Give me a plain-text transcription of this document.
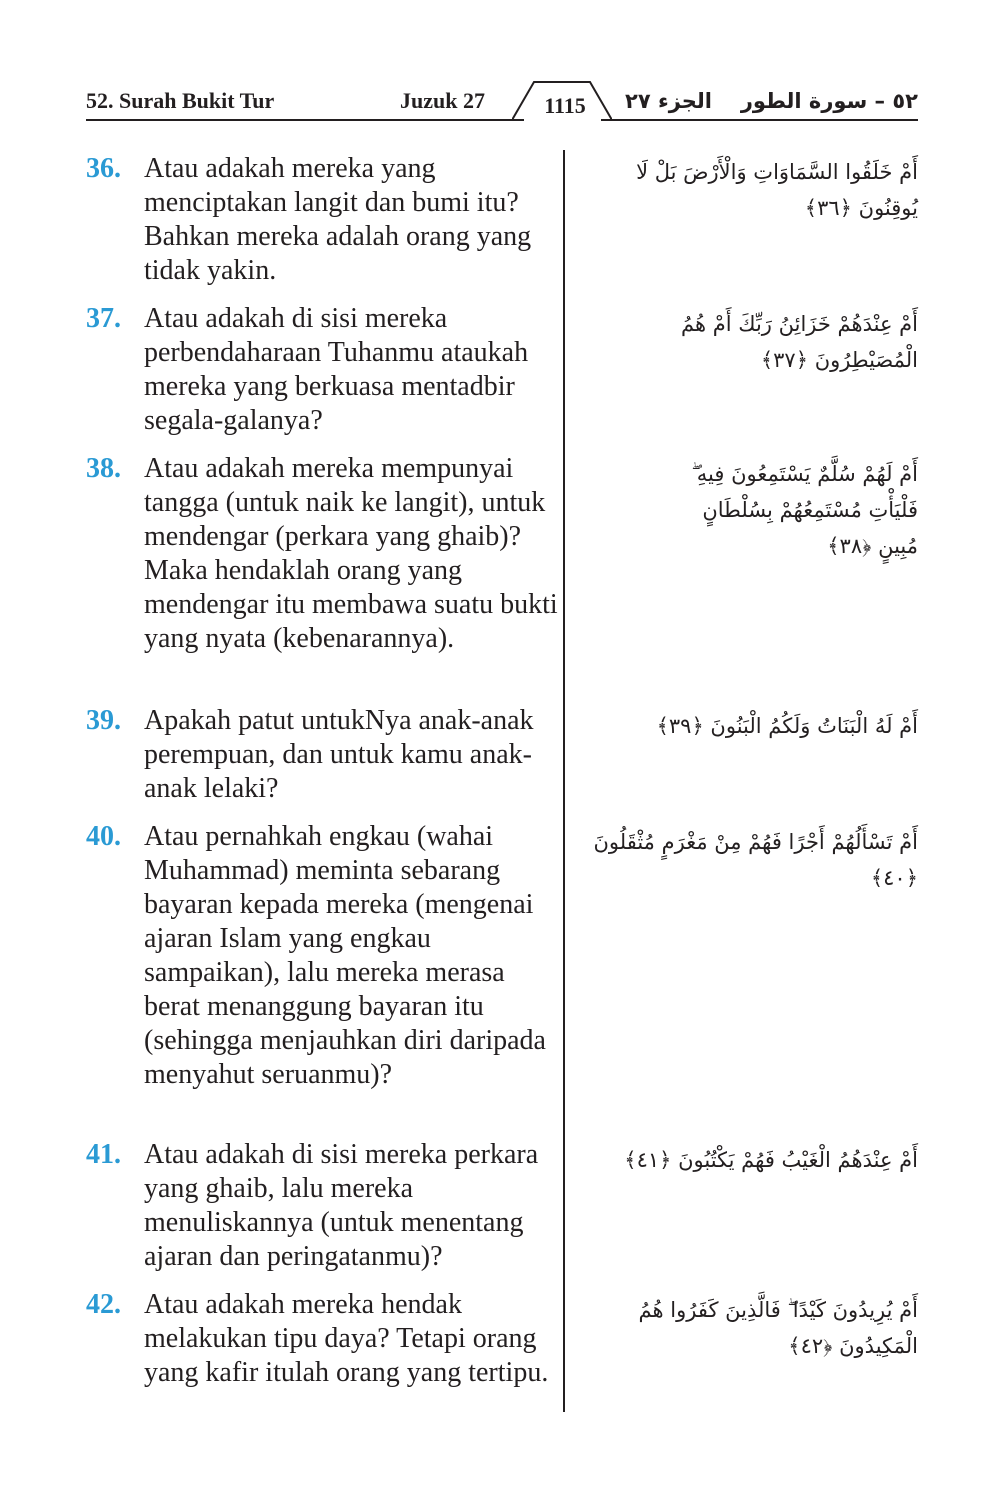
52. Surah Bukit Tur	Juzuk 27	1115	الجزء ٢٧ ٥٢ – سورة الطور
36. Atau adakah mereka yang menciptakan langit dan bumi itu? Bahkan mereka adalah orang yang tidak yakin.
أَمْ خَلَقُوا السَّمَاوَاتِ وَالْأَرْضَ بَلْ لَا يُوقِنُونَ ﴿٣٦﴾
37. Atau adakah di sisi mereka perbendaharaan Tuhanmu ataukah mereka yang berkuasa mentadbir segala-galanya?
أَمْ عِنْدَهُمْ خَزَائِنُ رَبِّكَ أَمْ هُمُ الْمُصَيْطِرُونَ ﴿٣٧﴾
38. Atau adakah mereka mempunyai tangga (untuk naik ke langit), untuk mendengar (perkara yang ghaib)? Maka hendaklah orang yang mendengar itu membawa suatu bukti yang nyata (kebenarannya).
أَمْ لَهُمْ سُلَّمٌ يَسْتَمِعُونَ فِيهِ ۖ فَلْيَأْتِ مُسْتَمِعُهُمْ بِسُلْطَانٍ مُبِينٍ ﴿٣٨﴾
39. Apakah patut untukNya anak-anak perempuan, dan untuk kamu anak-anak lelaki?
أَمْ لَهُ الْبَنَاتُ وَلَكُمُ الْبَنُونَ ﴿٣٩﴾
40. Atau pernahkah engkau (wahai Muhammad) meminta sebarang bayaran kepada mereka (mengenai ajaran Islam yang engkau sampaikan), lalu mereka merasa berat menanggung bayaran itu (sehingga menjauhkan diri daripada menyahut seruanmu)?
أَمْ تَسْأَلُهُمْ أَجْرًا فَهُمْ مِنْ مَغْرَمٍ مُثْقَلُونَ ﴿٤٠﴾
41. Atau adakah di sisi mereka perkara yang ghaib, lalu mereka menuliskannya (untuk menentang ajaran dan peringatanmu)?
أَمْ عِنْدَهُمُ الْغَيْبُ فَهُمْ يَكْتُبُونَ ﴿٤١﴾
42. Atau adakah mereka hendak melakukan tipu daya? Tetapi orang yang kafir itulah orang yang tertipu.
أَمْ يُرِيدُونَ كَيْدًا ۖ فَالَّذِينَ كَفَرُوا هُمُ الْمَكِيدُونَ ﴿٤٢﴾
